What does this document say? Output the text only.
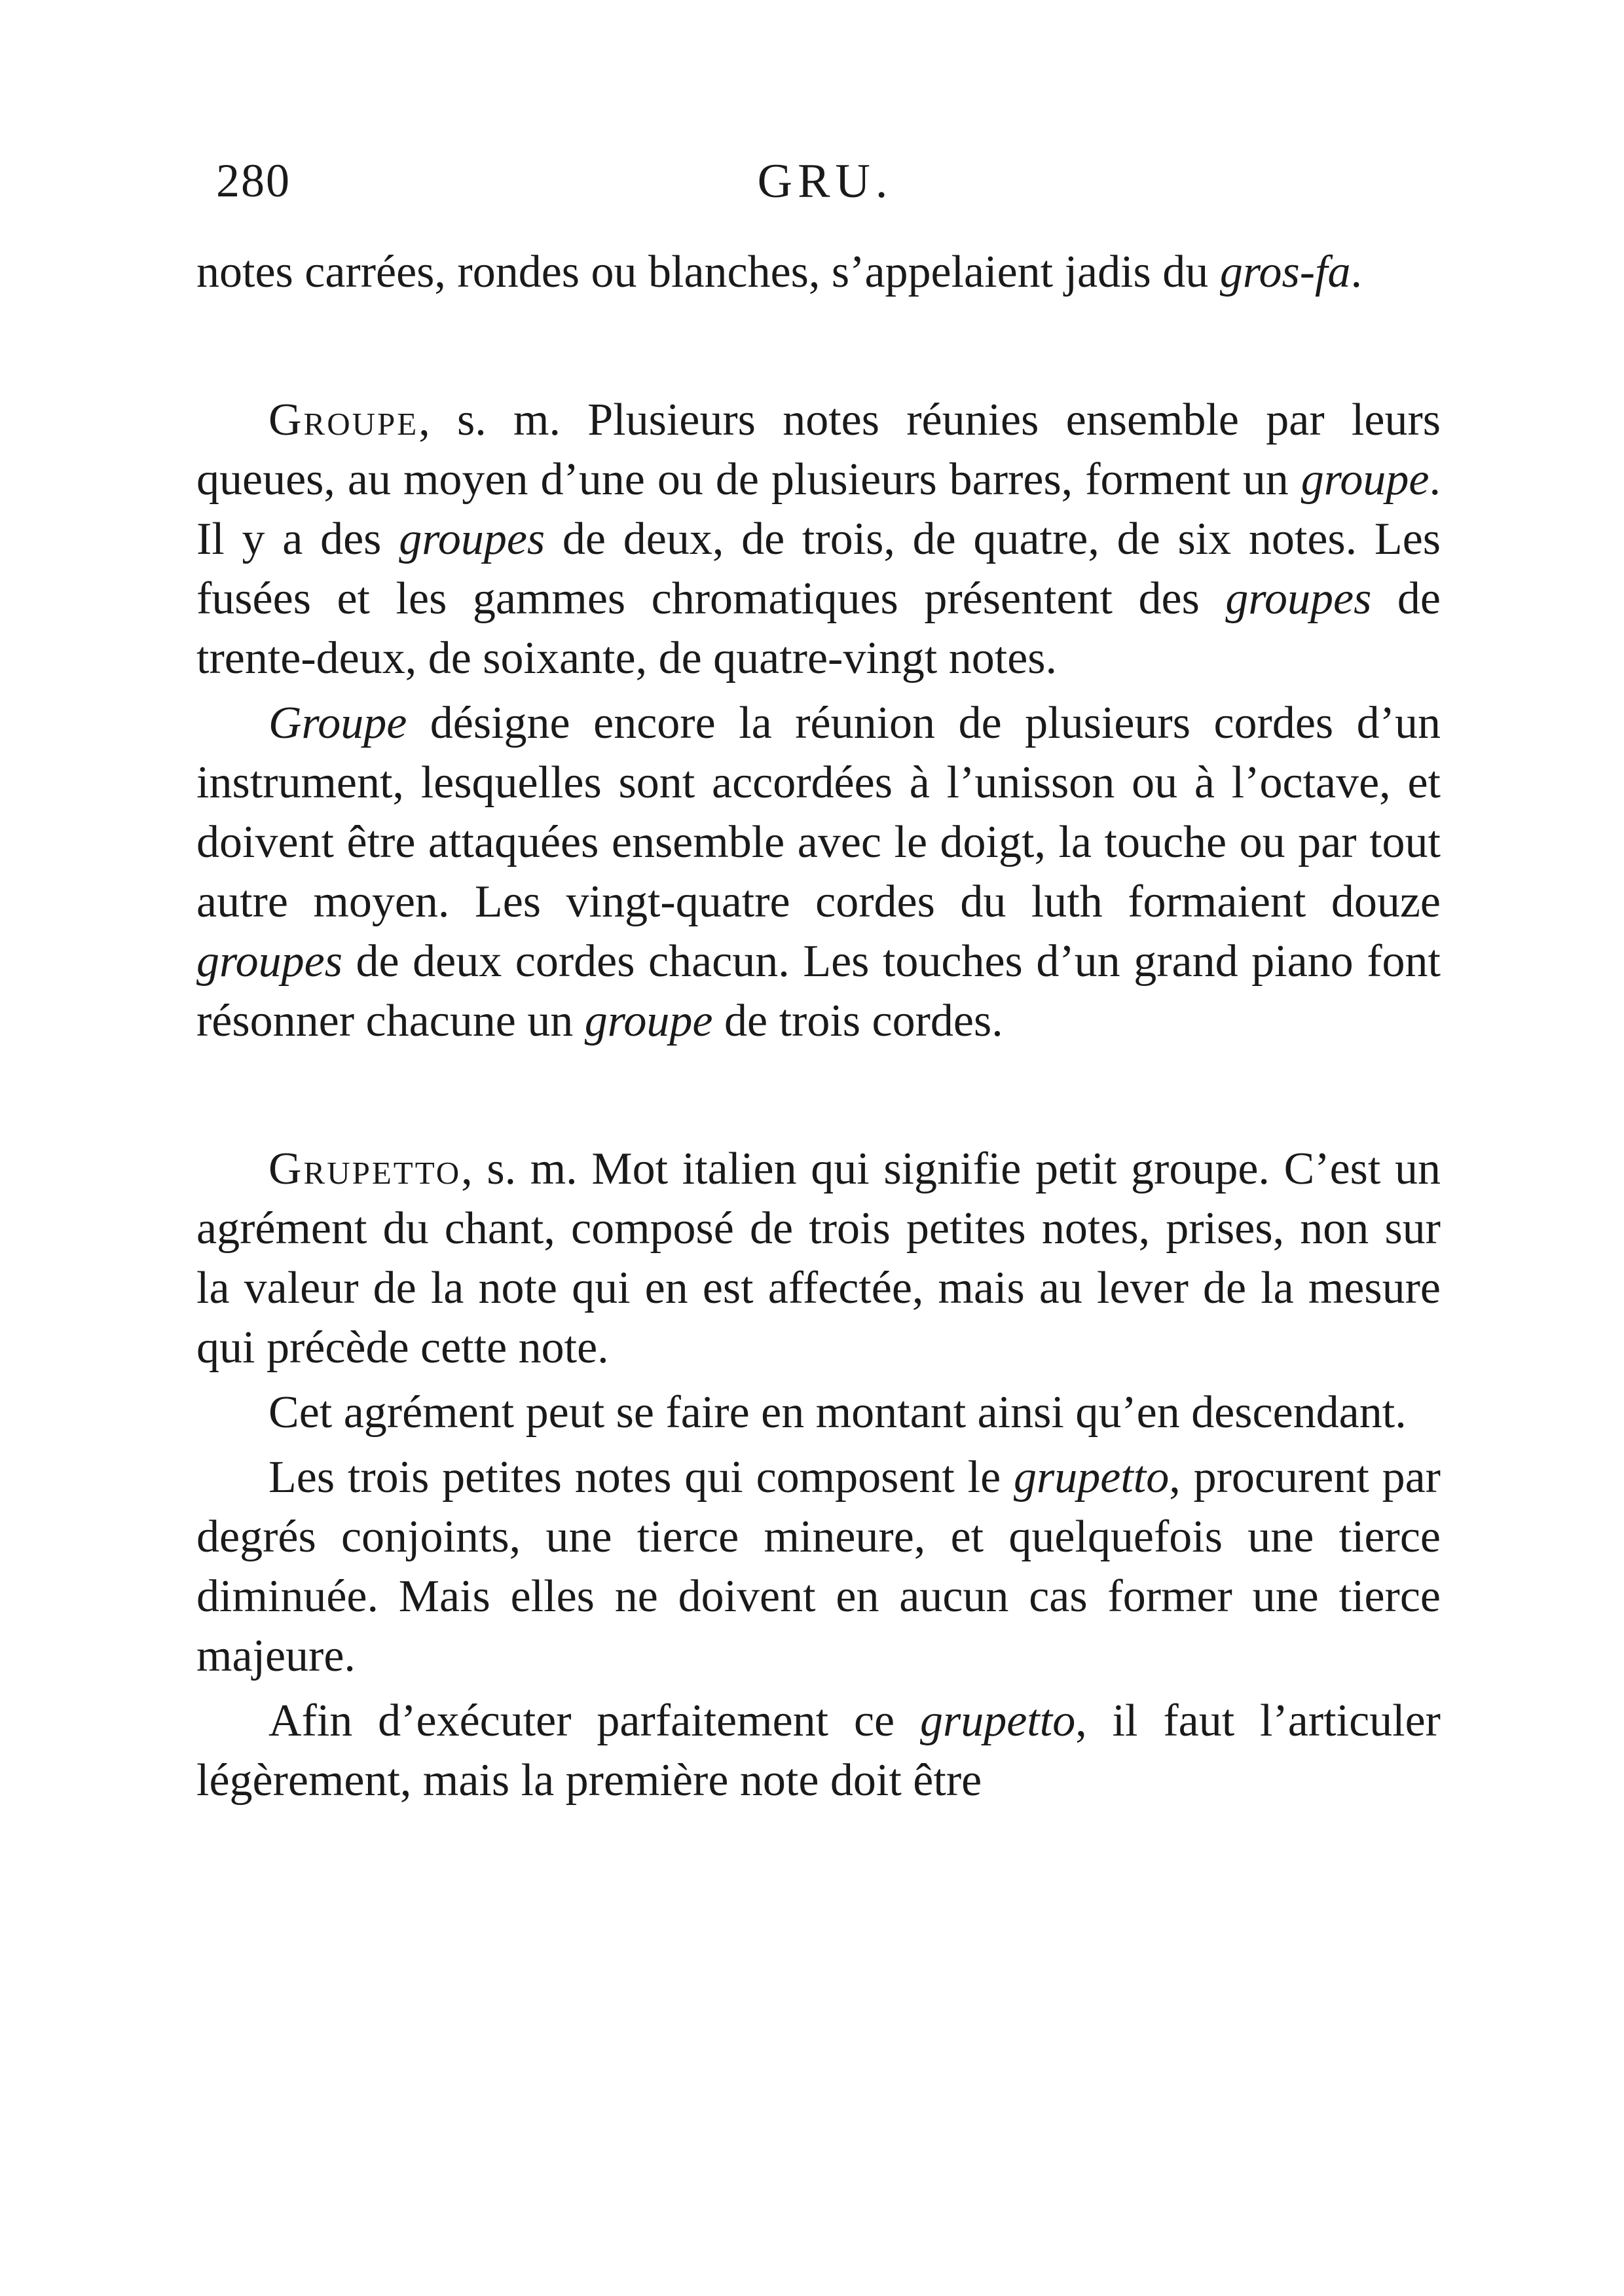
280	GRU.

notes carrées, rondes ou blanches, s’appelaient jadis du gros-fa.

Groupe, s. m. Plusieurs notes réunies ensemble par leurs queues, au moyen d’une ou de plusieurs barres, forment un groupe. Il y a des groupes de deux, de trois, de quatre, de six notes. Les fusées et les gammes chromatiques présentent des groupes de trente-deux, de soixante, de quatre-vingt notes.

Groupe désigne encore la réunion de plusieurs cordes d’un instrument, lesquelles sont accordées à l’unisson ou à l’octave, et doivent être attaquées ensemble avec le doigt, la touche ou par tout autre moyen. Les vingt-quatre cordes du luth formaient douze groupes de deux cordes chacun. Les touches d’un grand piano font résonner chacune un groupe de trois cordes.

Grupetto, s. m. Mot italien qui signifie petit groupe. C’est un agrément du chant, composé de trois petites notes, prises, non sur la valeur de la note qui en est affectée, mais au lever de la mesure qui précède cette note.

Cet agrément peut se faire en montant ainsi qu’en descendant.

Les trois petites notes qui composent le grupetto, procurent par degrés conjoints, une tierce mineure, et quelquefois une tierce diminuée. Mais elles ne doivent en aucun cas former une tierce majeure.

Afin d’exécuter parfaitement ce grupetto, il faut l’articuler légèrement, mais la première note doit être
